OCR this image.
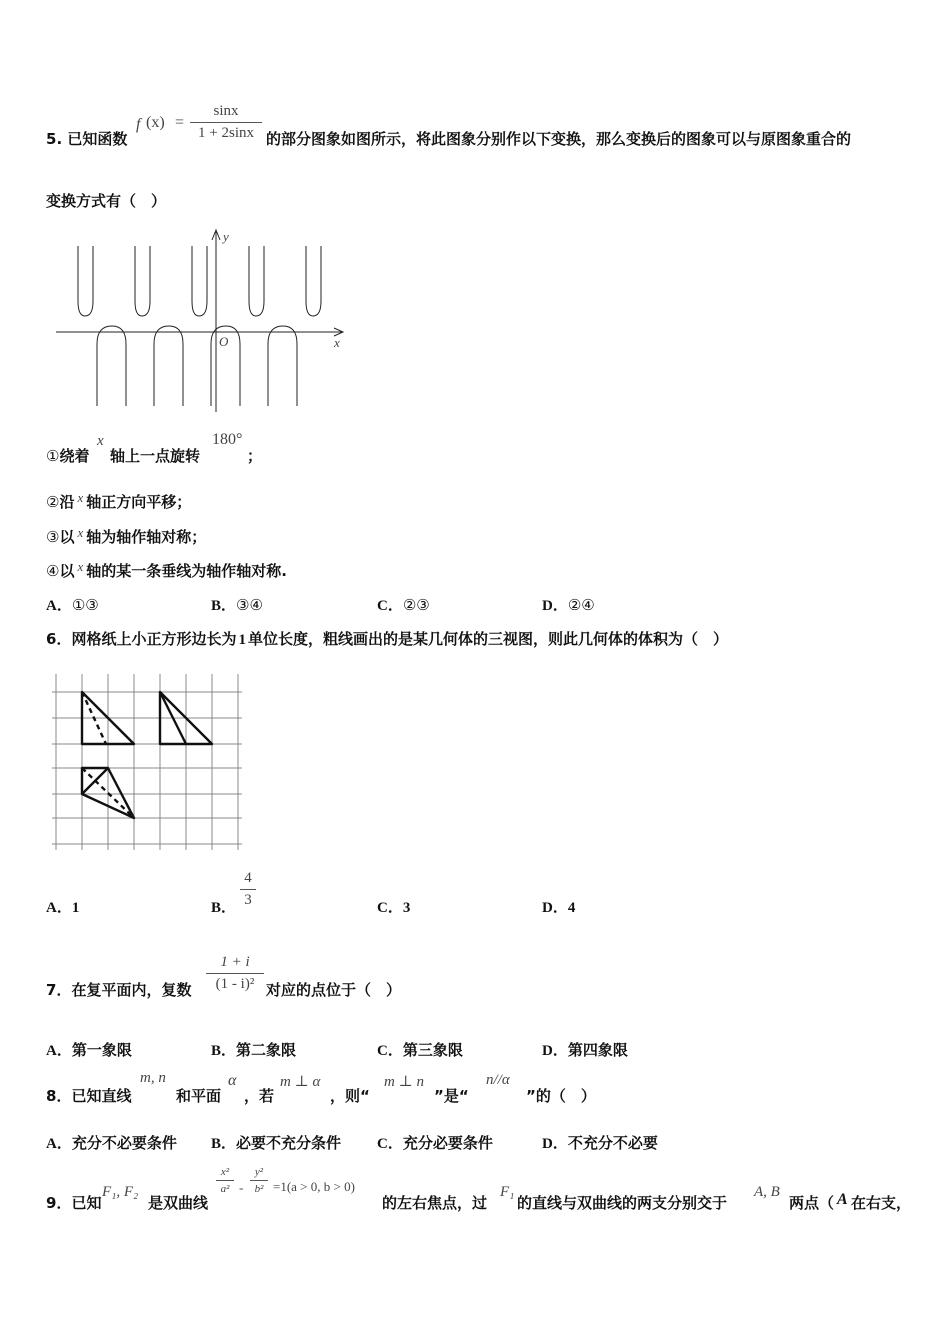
5. 已知函数
f (x) =
sinx
1 + 2sinx 的部分图象如图所示，将此图象分别作以下变换，那么变换后的图象可以与原图象重合的
变换方式有（　）
y
x
O
①绕着
x
轴上一点旋转
180°
；
②沿 x 轴正方向平移；
③以 x 轴为轴作轴对称；
④以 x 轴的某一条垂线为轴作轴对称.
A．①③	B．③④	C．②③	D．②④
6．网格纸上小正方形边长为 1 单位长度，粗线画出的是某几何体的三视图，则此几何体的体积为（　）
A．1	B．
4
3	C．3	D．4
7．在复平面内，复数
1 + i
(1 - i)² 对应的点位于（　）
A．第一象限	B．第二象限	C．第三象限	D．第四象限
8．已知直线
m, n
和平面
α
，若
m ⊥ α
，则“
m ⊥ n
”是“
n//α
”的（　）
A．充分不必要条件 B．必要不充分条件 C．充分必要条件	D．不充分不必要
9．已知
F₁, F₂
是双曲线
x²
a² -
y²
b² =1(a > 0, b > 0)
的左右焦点，过
F₁
的直线与双曲线的两支分别交于
A, B
两点（ A 在右支，
